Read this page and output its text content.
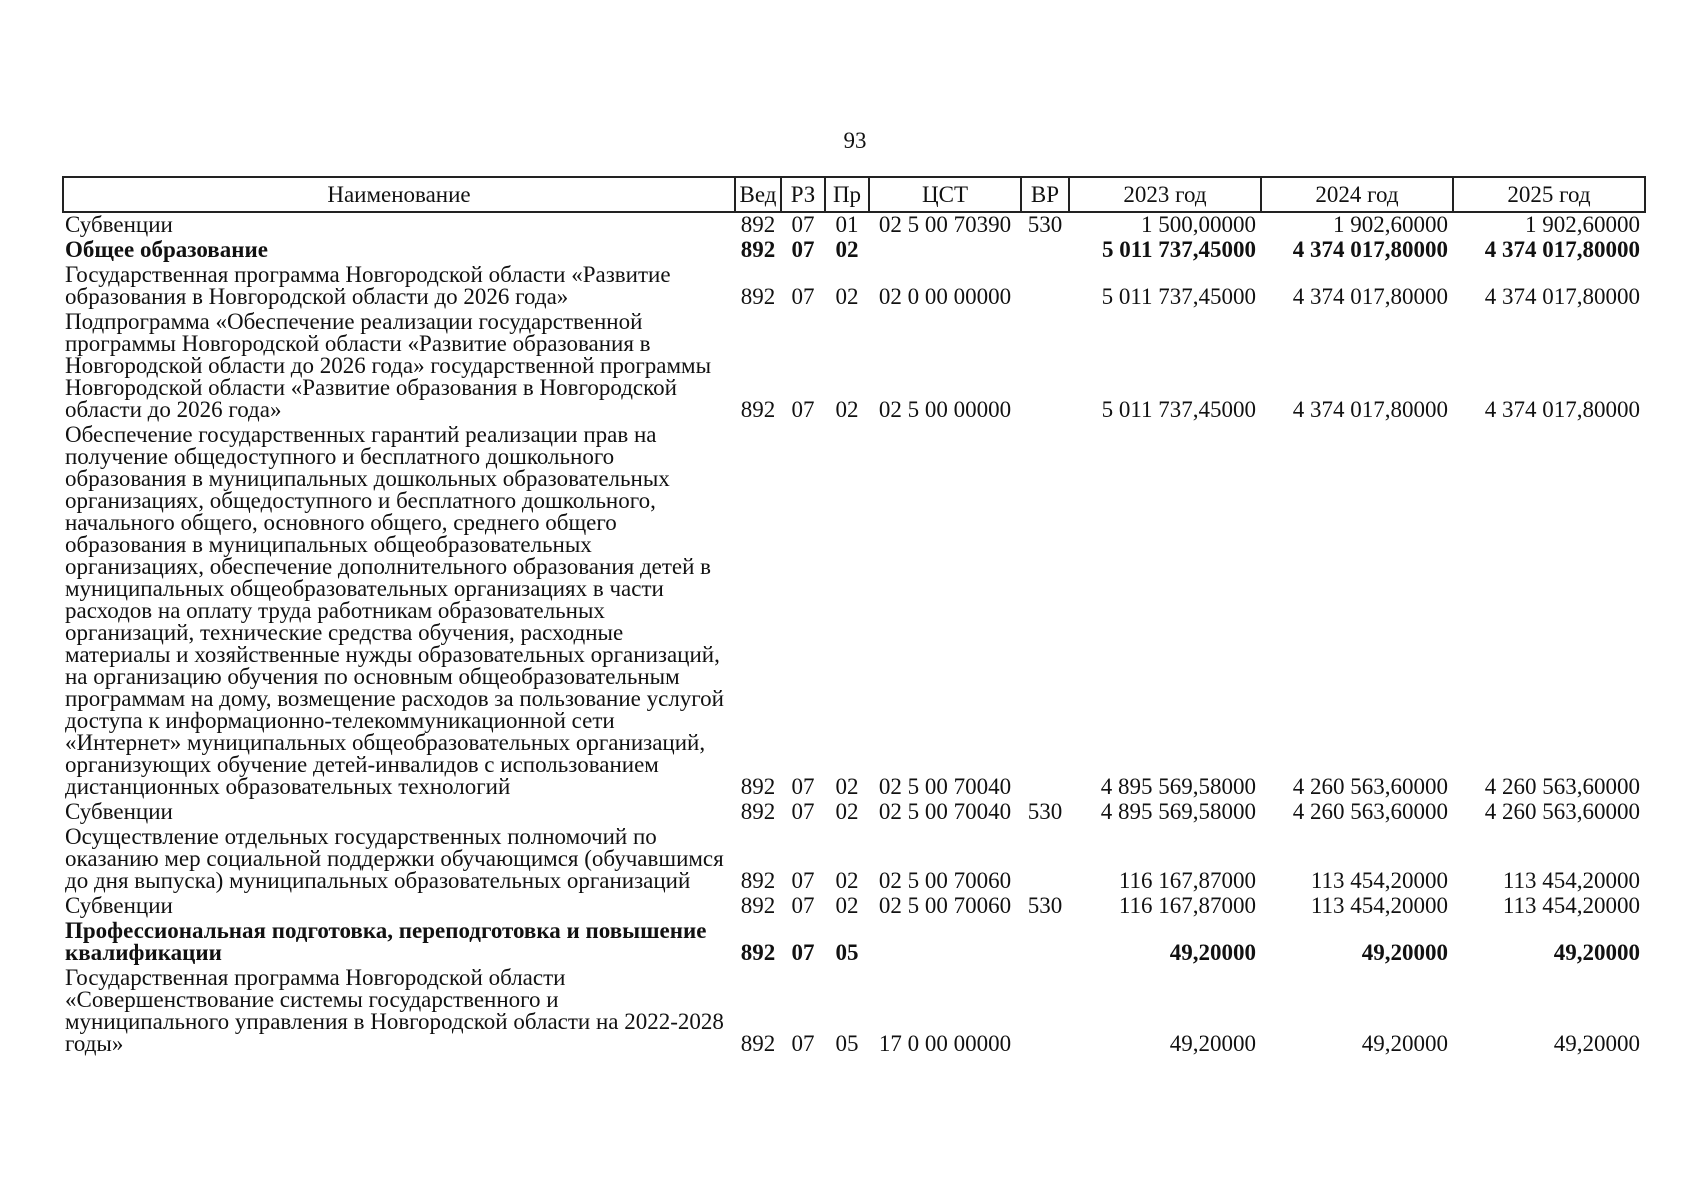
93
Наименование	Вед	РЗ	Пр	ЦСТ	ВР	2023 год	2024 год	2025 год
Субвенции	892	07	01	02 5 00 70390	530	1 500,00000	1 902,60000	1 902,60000
Общее образование	892	07	02			5 011 737,45000	4 374 017,80000	4 374 017,80000
Государственная программа Новгородской области «Развитие образования в Новгородской области до 2026 года»	892	07	02	02 0 00 00000		5 011 737,45000	4 374 017,80000	4 374 017,80000
Подпрограмма «Обеспечение реализации государственной программы Новгородской области «Развитие образования в Новгородской области до 2026 года» государственной программы Новгородской области «Развитие образования в Новгородской области до 2026 года»	892	07	02	02 5 00 00000		5 011 737,45000	4 374 017,80000	4 374 017,80000
Обеспечение государственных гарантий реализации прав на получение общедоступного и бесплатного дошкольного образования в муниципальных дошкольных образовательных организациях, общедоступного и бесплатного дошкольного, начального общего, основного общего, среднего общего образования в муниципальных общеобразовательных организациях, обеспечение дополнительного образования детей в муниципальных общеобразовательных организациях в части расходов на оплату труда работникам образовательных организаций, технические средства обучения, расходные материалы и хозяйственные нужды образовательных организаций, на организацию обучения по основным общеобразовательным программам на дому, возмещение расходов за пользование услугой доступа к информационно-телекоммуникационной сети «Интернет» муниципальных общеобразовательных организаций, организующих обучение детей-инвалидов с использованием дистанционных образовательных технологий	892	07	02	02 5 00 70040		4 895 569,58000	4 260 563,60000	4 260 563,60000
Субвенции	892	07	02	02 5 00 70040	530	4 895 569,58000	4 260 563,60000	4 260 563,60000
Осуществление отдельных государственных полномочий по оказанию мер социальной поддержки обучающимся (обучавшимся до дня выпуска) муниципальных образовательных организаций	892	07	02	02 5 00 70060		116 167,87000	113 454,20000	113 454,20000
Субвенции	892	07	02	02 5 00 70060	530	116 167,87000	113 454,20000	113 454,20000
Профессиональная подготовка, переподготовка и повышение квалификации	892	07	05			49,20000	49,20000	49,20000
Государственная программа Новгородской области «Совершенствование системы государственного и муниципального управления в Новгородской области на 2022-2028 годы»	892	07	05	17 0 00 00000		49,20000	49,20000	49,20000
